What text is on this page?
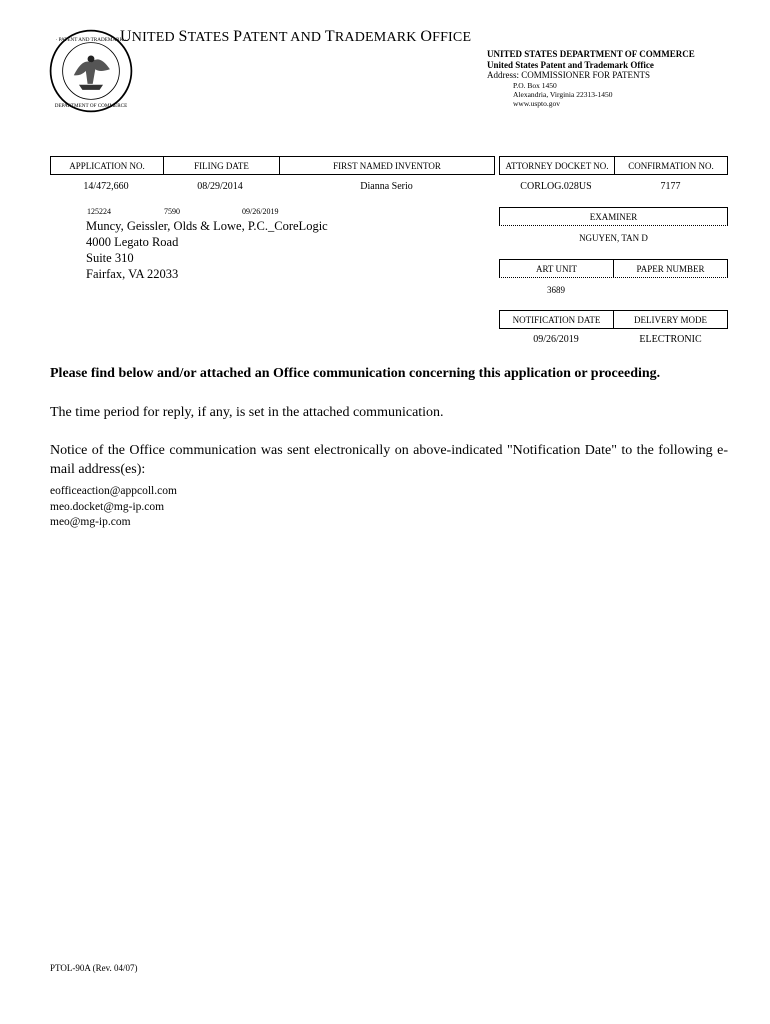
· PATENT AND TRADEMARK ·
DEPARTMENT OF COMMERCE
UNITED STATES PATENT AND TRADEMARK OFFICE
UNITED STATES DEPARTMENT OF COMMERCE
United States Patent and Trademark Office
Address: COMMISSIONER FOR PATENTS
P.O. Box 1450
Alexandria, Virginia 22313-1450
www.uspto.gov
APPLICATION NO.	FILING DATE	FIRST NAMED INVENTOR	ATTORNEY DOCKET NO.	CONFIRMATION NO.
14/472,660	08/29/2014	Dianna Serio	CORLOG.028US	7177
125224	7590	09/26/2019
Muncy, Geissler, Olds & Lowe, P.C._CoreLogic
4000 Legato Road
Suite 310
Fairfax, VA 22033
EXAMINER
NGUYEN, TAN D
ART UNIT	PAPER NUMBER
3689
NOTIFICATION DATE	DELIVERY MODE
09/26/2019	ELECTRONIC
Please find below and/or attached an Office communication concerning this application or proceeding.
The time period for reply, if any, is set in the attached communication.
Notice of the Office communication was sent electronically on above-indicated "Notification Date" to the following e-mail address(es):
eofficeaction@appcoll.com
meo.docket@mg-ip.com
meo@mg-ip.com
PTOL-90A (Rev. 04/07)
